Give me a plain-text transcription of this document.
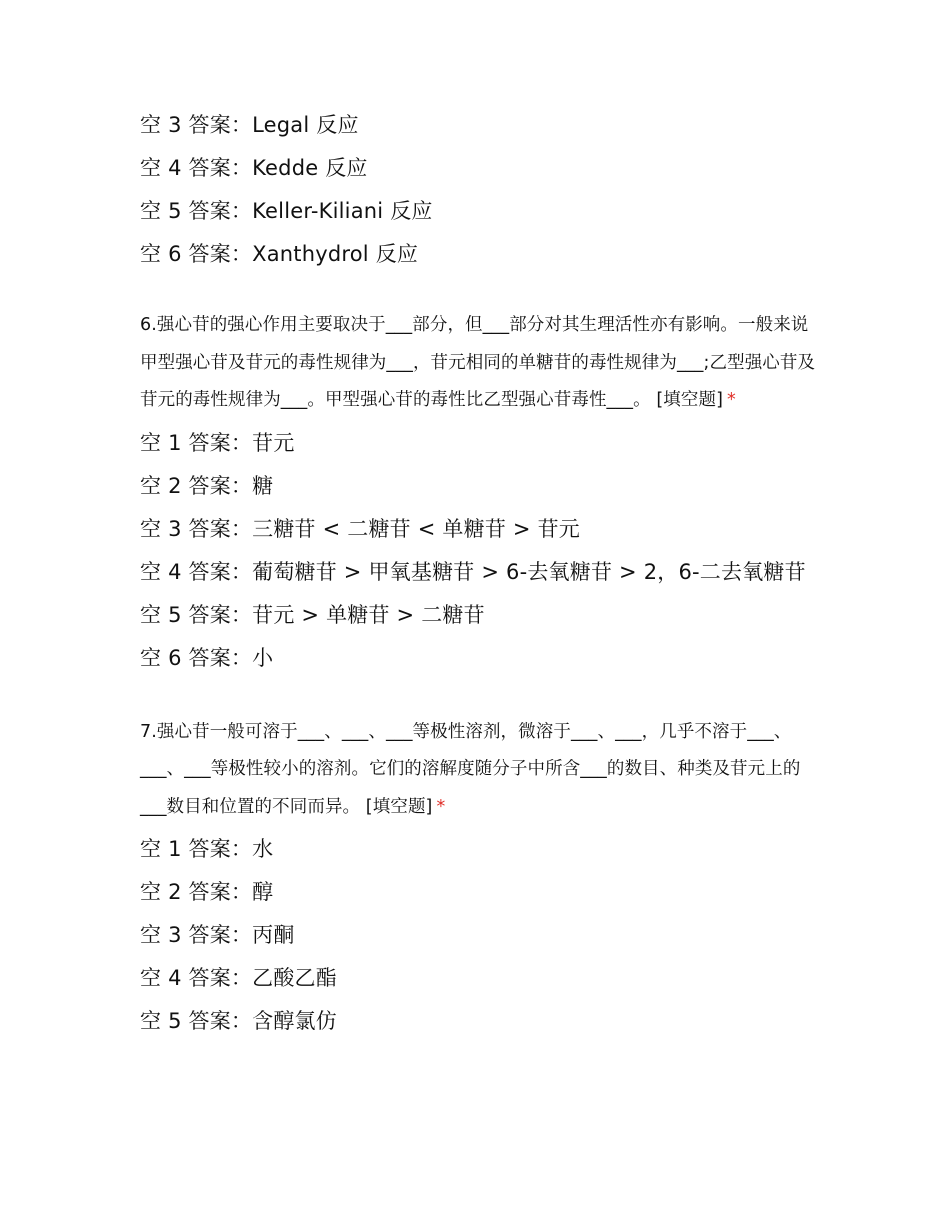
空 3 答案：Legal 反应
空 4 答案：Kedde 反应
空 5 答案：Keller-Kiliani 反应
空 6 答案：Xanthydrol 反应

6.强心苷的强心作用主要取决于___部分，但___部分对其生理活性亦有影响。一般来说甲型强心苷及苷元的毒性规律为___，苷元相同的单糖苷的毒性规律为___;乙型强心苷及苷元的毒性规律为___。甲型强心苷的毒性比乙型强心苷毒性___。 [填空题] *

空 1 答案：苷元
空 2 答案：糖
空 3 答案：三糖苷 < 二糖苷 < 单糖苷 > 苷元
空 4 答案：葡萄糖苷 > 甲氧基糖苷 > 6-去氧糖苷 > 2，6-二去氧糖苷
空 5 答案：苷元 > 单糖苷 > 二糖苷
空 6 答案：小

7.强心苷一般可溶于___、___、___等极性溶剂，微溶于___、___，几乎不溶于___、___、___等极性较小的溶剂。它们的溶解度随分子中所含___的数目、种类及苷元上的___数目和位置的不同而异。 [填空题] *

空 1 答案：水
空 2 答案：醇
空 3 答案：丙酮
空 4 答案：乙酸乙酯
空 5 答案：含醇氯仿
